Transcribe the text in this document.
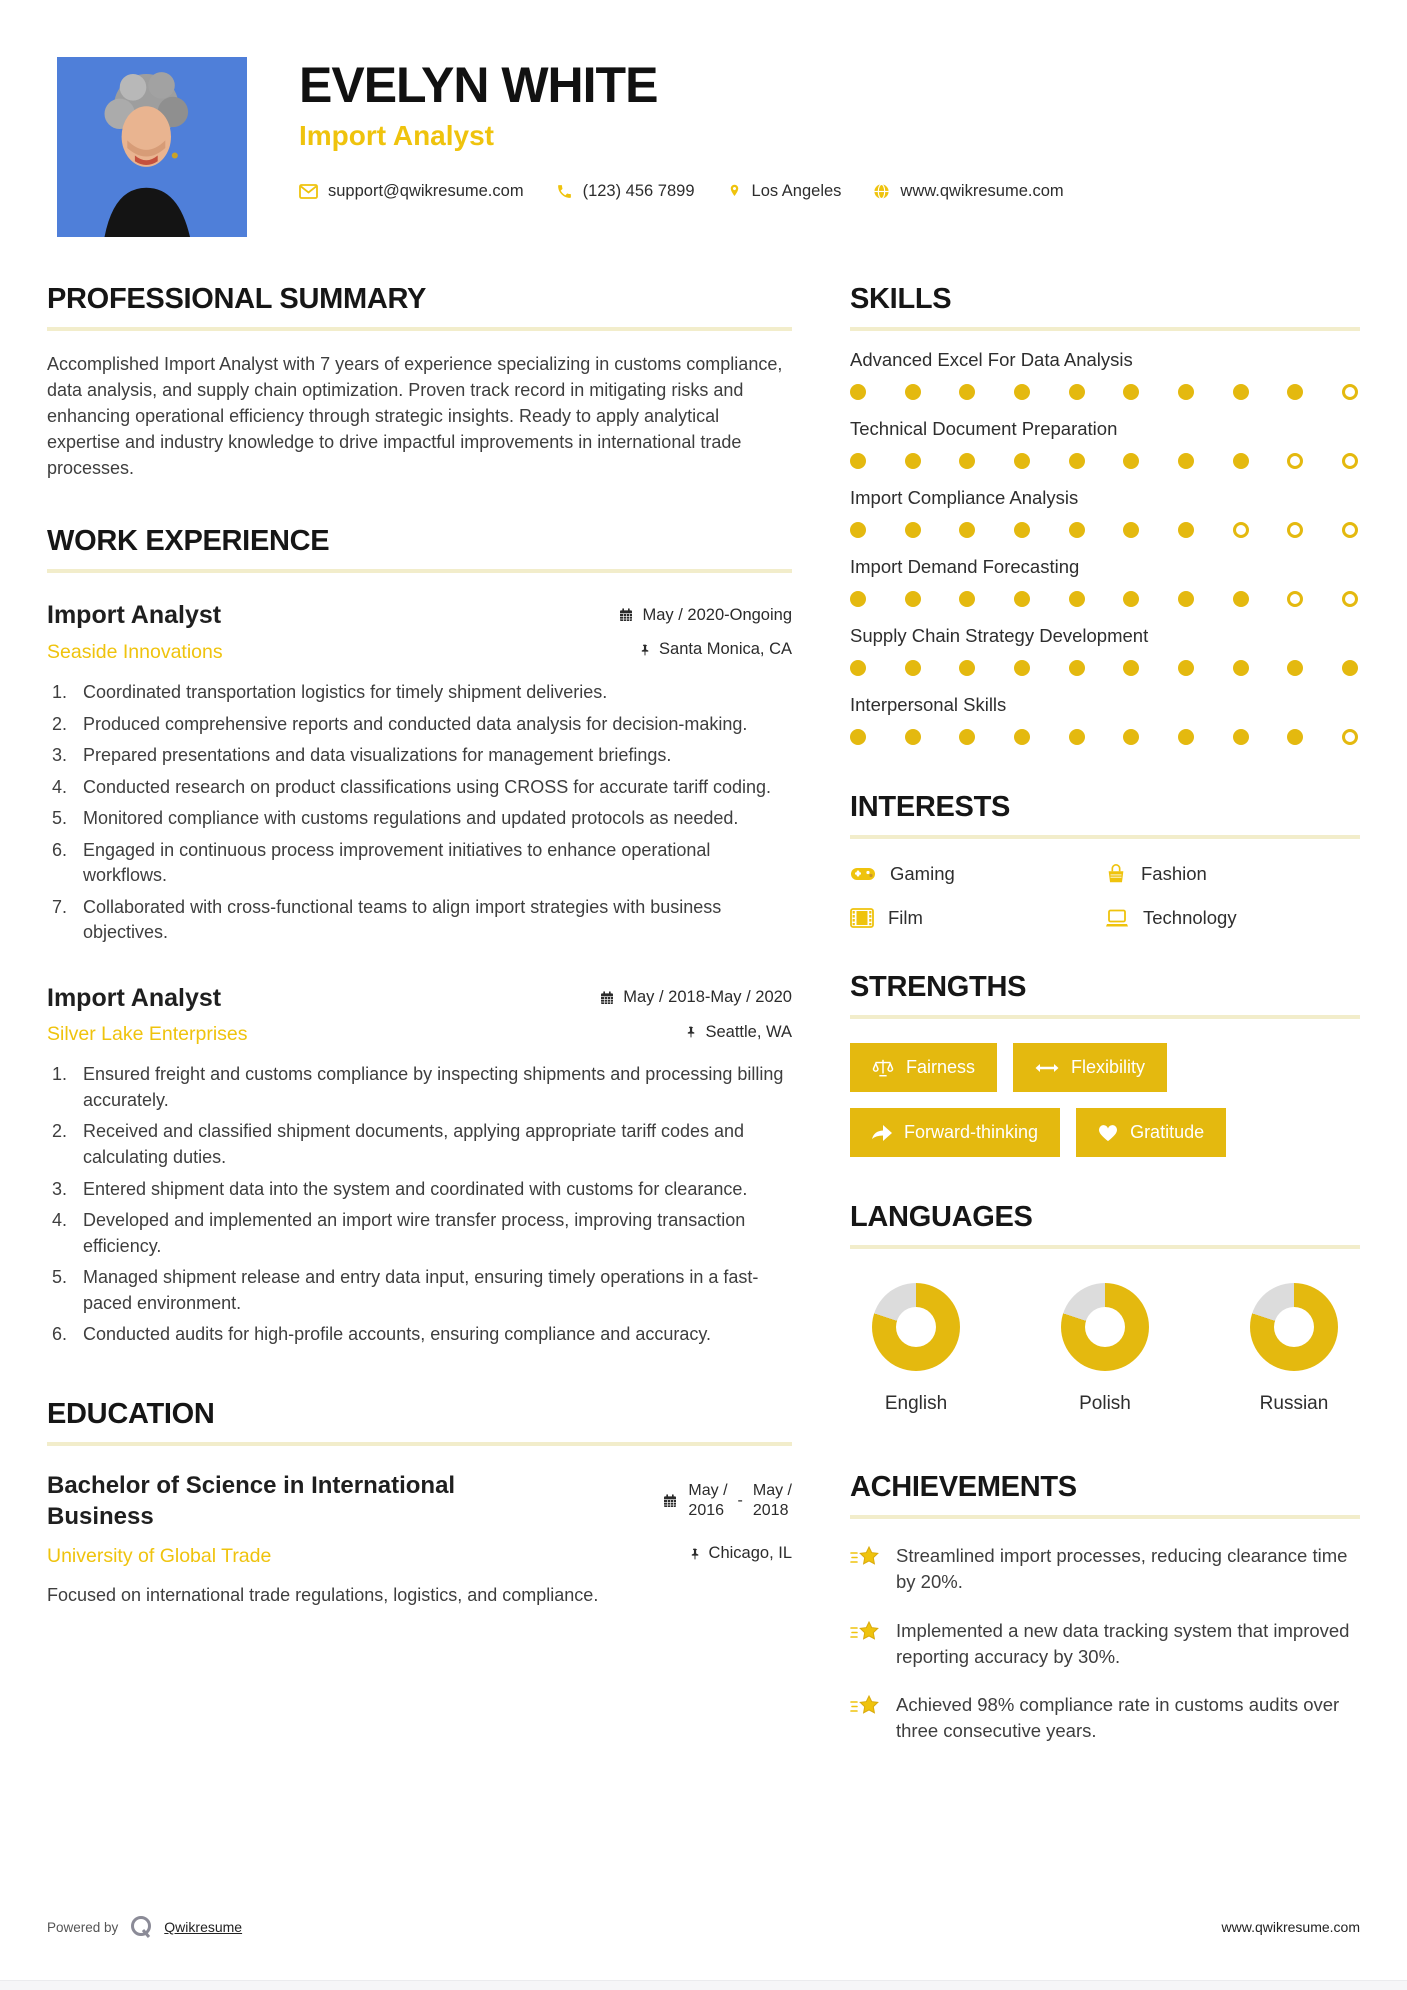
EVELYN WHITE
Import Analyst
support@qwikresume.com	(123) 456 7899	Los Angeles	www.qwikresume.com
PROFESSIONAL SUMMARY

Accomplished Import Analyst with 7 years of experience specializing in customs compliance, data analysis, and supply chain optimization. Proven track record in mitigating risks and enhancing operational efficiency through strategic insights. Ready to apply analytical expertise and industry knowledge to drive impactful improvements in international trade processes.

WORK EXPERIENCE
Import Analyst	May / 2020-Ongoing
Seaside Innovations	Santa Monica, CA
Coordinated transportation logistics for timely shipment deliveries.
Produced comprehensive reports and conducted data analysis for decision-making.
Prepared presentations and data visualizations for management briefings.
Conducted research on product classifications using CROSS for accurate tariff coding.
Monitored compliance with customs regulations and updated protocols as needed.
Engaged in continuous process improvement initiatives to enhance operational workflows.
Collaborated with cross-functional teams to align import strategies with business objectives.
Import Analyst	May / 2018-May / 2020
Silver Lake Enterprises	Seattle, WA
Ensured freight and customs compliance by inspecting shipments and processing billing accurately.
Received and classified shipment documents, applying appropriate tariff codes and calculating duties.
Entered shipment data into the system and coordinated with customs for clearance.
Developed and implemented an import wire transfer process, improving transaction efficiency.
Managed shipment release and entry data input, ensuring timely operations in a fast-paced environment.
Conducted audits for high-profile accounts, ensuring compliance and accuracy.
EDUCATION
Bachelor of Science in International Business
May /
2016
-
May /
2018
University of Global Trade	Chicago, IL

Focused on international trade regulations, logistics, and compliance.

SKILLS
Advanced Excel For Data Analysis
Technical Document Preparation
Import Compliance Analysis
Import Demand Forecasting
Supply Chain Strategy Development
Interpersonal Skills
INTERESTS
Gaming	Fashion
Film	Technology
STRENGTHS
Fairness	Flexibility
Forward-thinking	Gratitude
LANGUAGES
English	Polish	Russian
ACHIEVEMENTS
Streamlined import processes, reducing clearance time by 20%.
Implemented a new data tracking system that improved reporting accuracy by 30%.
Achieved 98% compliance rate in customs audits over three consecutive years.
Powered by	Qwikresume	www.qwikresume.com
